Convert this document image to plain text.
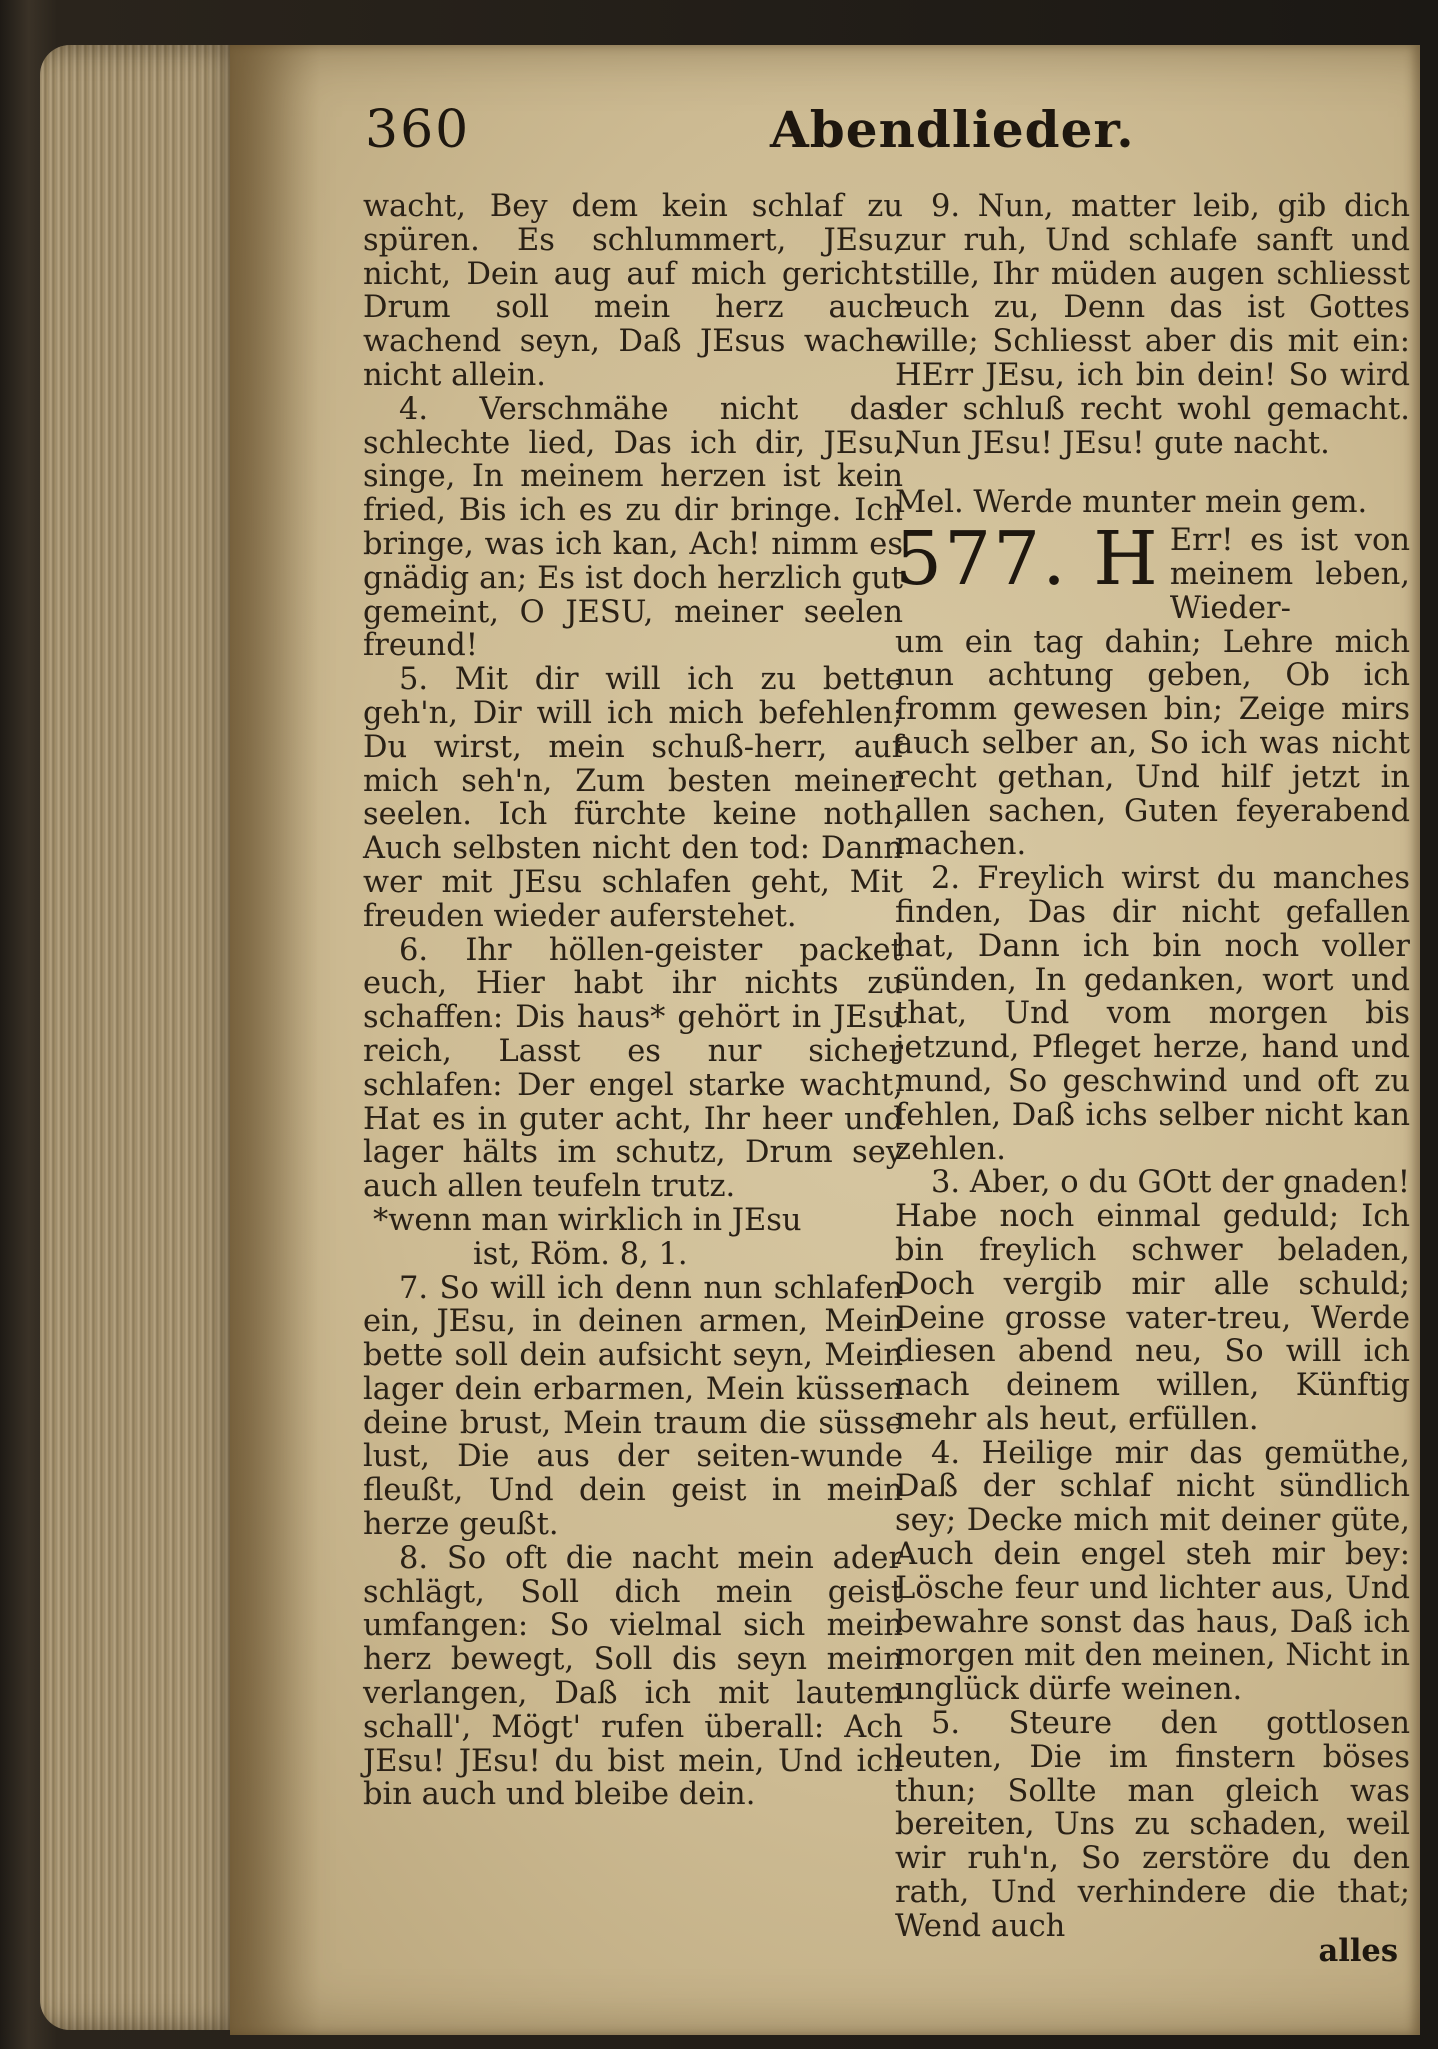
360	Abendlieder.

wacht, Bey dem kein schlaf zu spüren. Es schlummert, JEsu, nicht, Dein aug auf mich gericht: Drum soll mein herz auch wachend seyn, Daß JEsus wache nicht allein.

4. Verschmähe nicht das schlechte lied, Das ich dir, JEsu, singe, In meinem herzen ist kein fried, Bis ich es zu dir bringe. Ich bringe, was ich kan, Ach! nimm es gnädig an; Es ist doch herzlich gut gemeint, O JESU, meiner seelen freund!

5. Mit dir will ich zu bette geh'n, Dir will ich mich befehlen; Du wirst, mein schuß-herr, auf mich seh'n, Zum besten meiner seelen. Ich fürchte keine noth, Auch selbsten nicht den tod: Dann wer mit JEsu schlafen geht, Mit freuden wieder auferstehet.

6. Ihr höllen-geister packet euch, Hier habt ihr nichts zu schaffen: Dis haus* gehört in JEsu reich, Lasst es nur sicher schlafen: Der engel starke wacht, Hat es in guter acht, Ihr heer und lager hälts im schutz, Drum sey auch allen teufeln trutz.

*wenn man wirklich in JEsu

ist, Röm. 8, 1.

7. So will ich denn nun schlafen ein, JEsu, in deinen armen, Mein bette soll dein aufsicht seyn, Mein lager dein erbarmen, Mein küssen deine brust, Mein traum die süsse lust, Die aus der seiten-wunde fleußt, Und dein geist in mein herze geußt.

8. So oft die nacht mein ader schlägt, Soll dich mein geist umfangen: So vielmal sich mein herz bewegt, Soll dis seyn mein verlangen, Daß ich mit lautem schall', Mögt' rufen überall: Ach JEsu! JEsu! du bist mein, Und ich bin auch und bleibe dein.

9. Nun, matter leib, gib dich zur ruh, Und schlafe sanft und stille, Ihr müden augen schliesst euch zu, Denn das ist Gottes wille; Schliesst aber dis mit ein: HErr JEsu, ich bin dein! So wird der schluß recht wohl gemacht. Nun JEsu! JEsu! gute nacht.

Mel. Werde munter mein gem.

577. H Err! es ist von meinem leben, Wieder-

um ein tag dahin; Lehre mich nun achtung geben, Ob ich fromm gewesen bin; Zeige mirs auch selber an, So ich was nicht recht gethan, Und hilf jetzt in allen sachen, Guten feyerabend machen.

2. Freylich wirst du manches finden, Das dir nicht gefallen hat, Dann ich bin noch voller sünden, In gedanken, wort und that, Und vom morgen bis jetzund, Pfleget herze, hand und mund, So geschwind und oft zu fehlen, Daß ichs selber nicht kan zehlen.

3. Aber, o du GOtt der gnaden! Habe noch einmal geduld; Ich bin freylich schwer beladen, Doch vergib mir alle schuld; Deine grosse vater-treu, Werde diesen abend neu, So will ich nach deinem willen, Künftig mehr als heut, erfüllen.

4. Heilige mir das gemüthe, Daß der schlaf nicht sündlich sey; Decke mich mit deiner güte, Auch dein engel steh mir bey: Lösche feur und lichter aus, Und bewahre sonst das haus, Daß ich morgen mit den meinen, Nicht in unglück dürfe weinen.

5. Steure den gottlosen leuten, Die im finstern böses thun; Sollte man gleich was bereiten, Uns zu schaden, weil wir ruh'n, So zerstöre du den rath, Und verhindere die that; Wend auch

alles
